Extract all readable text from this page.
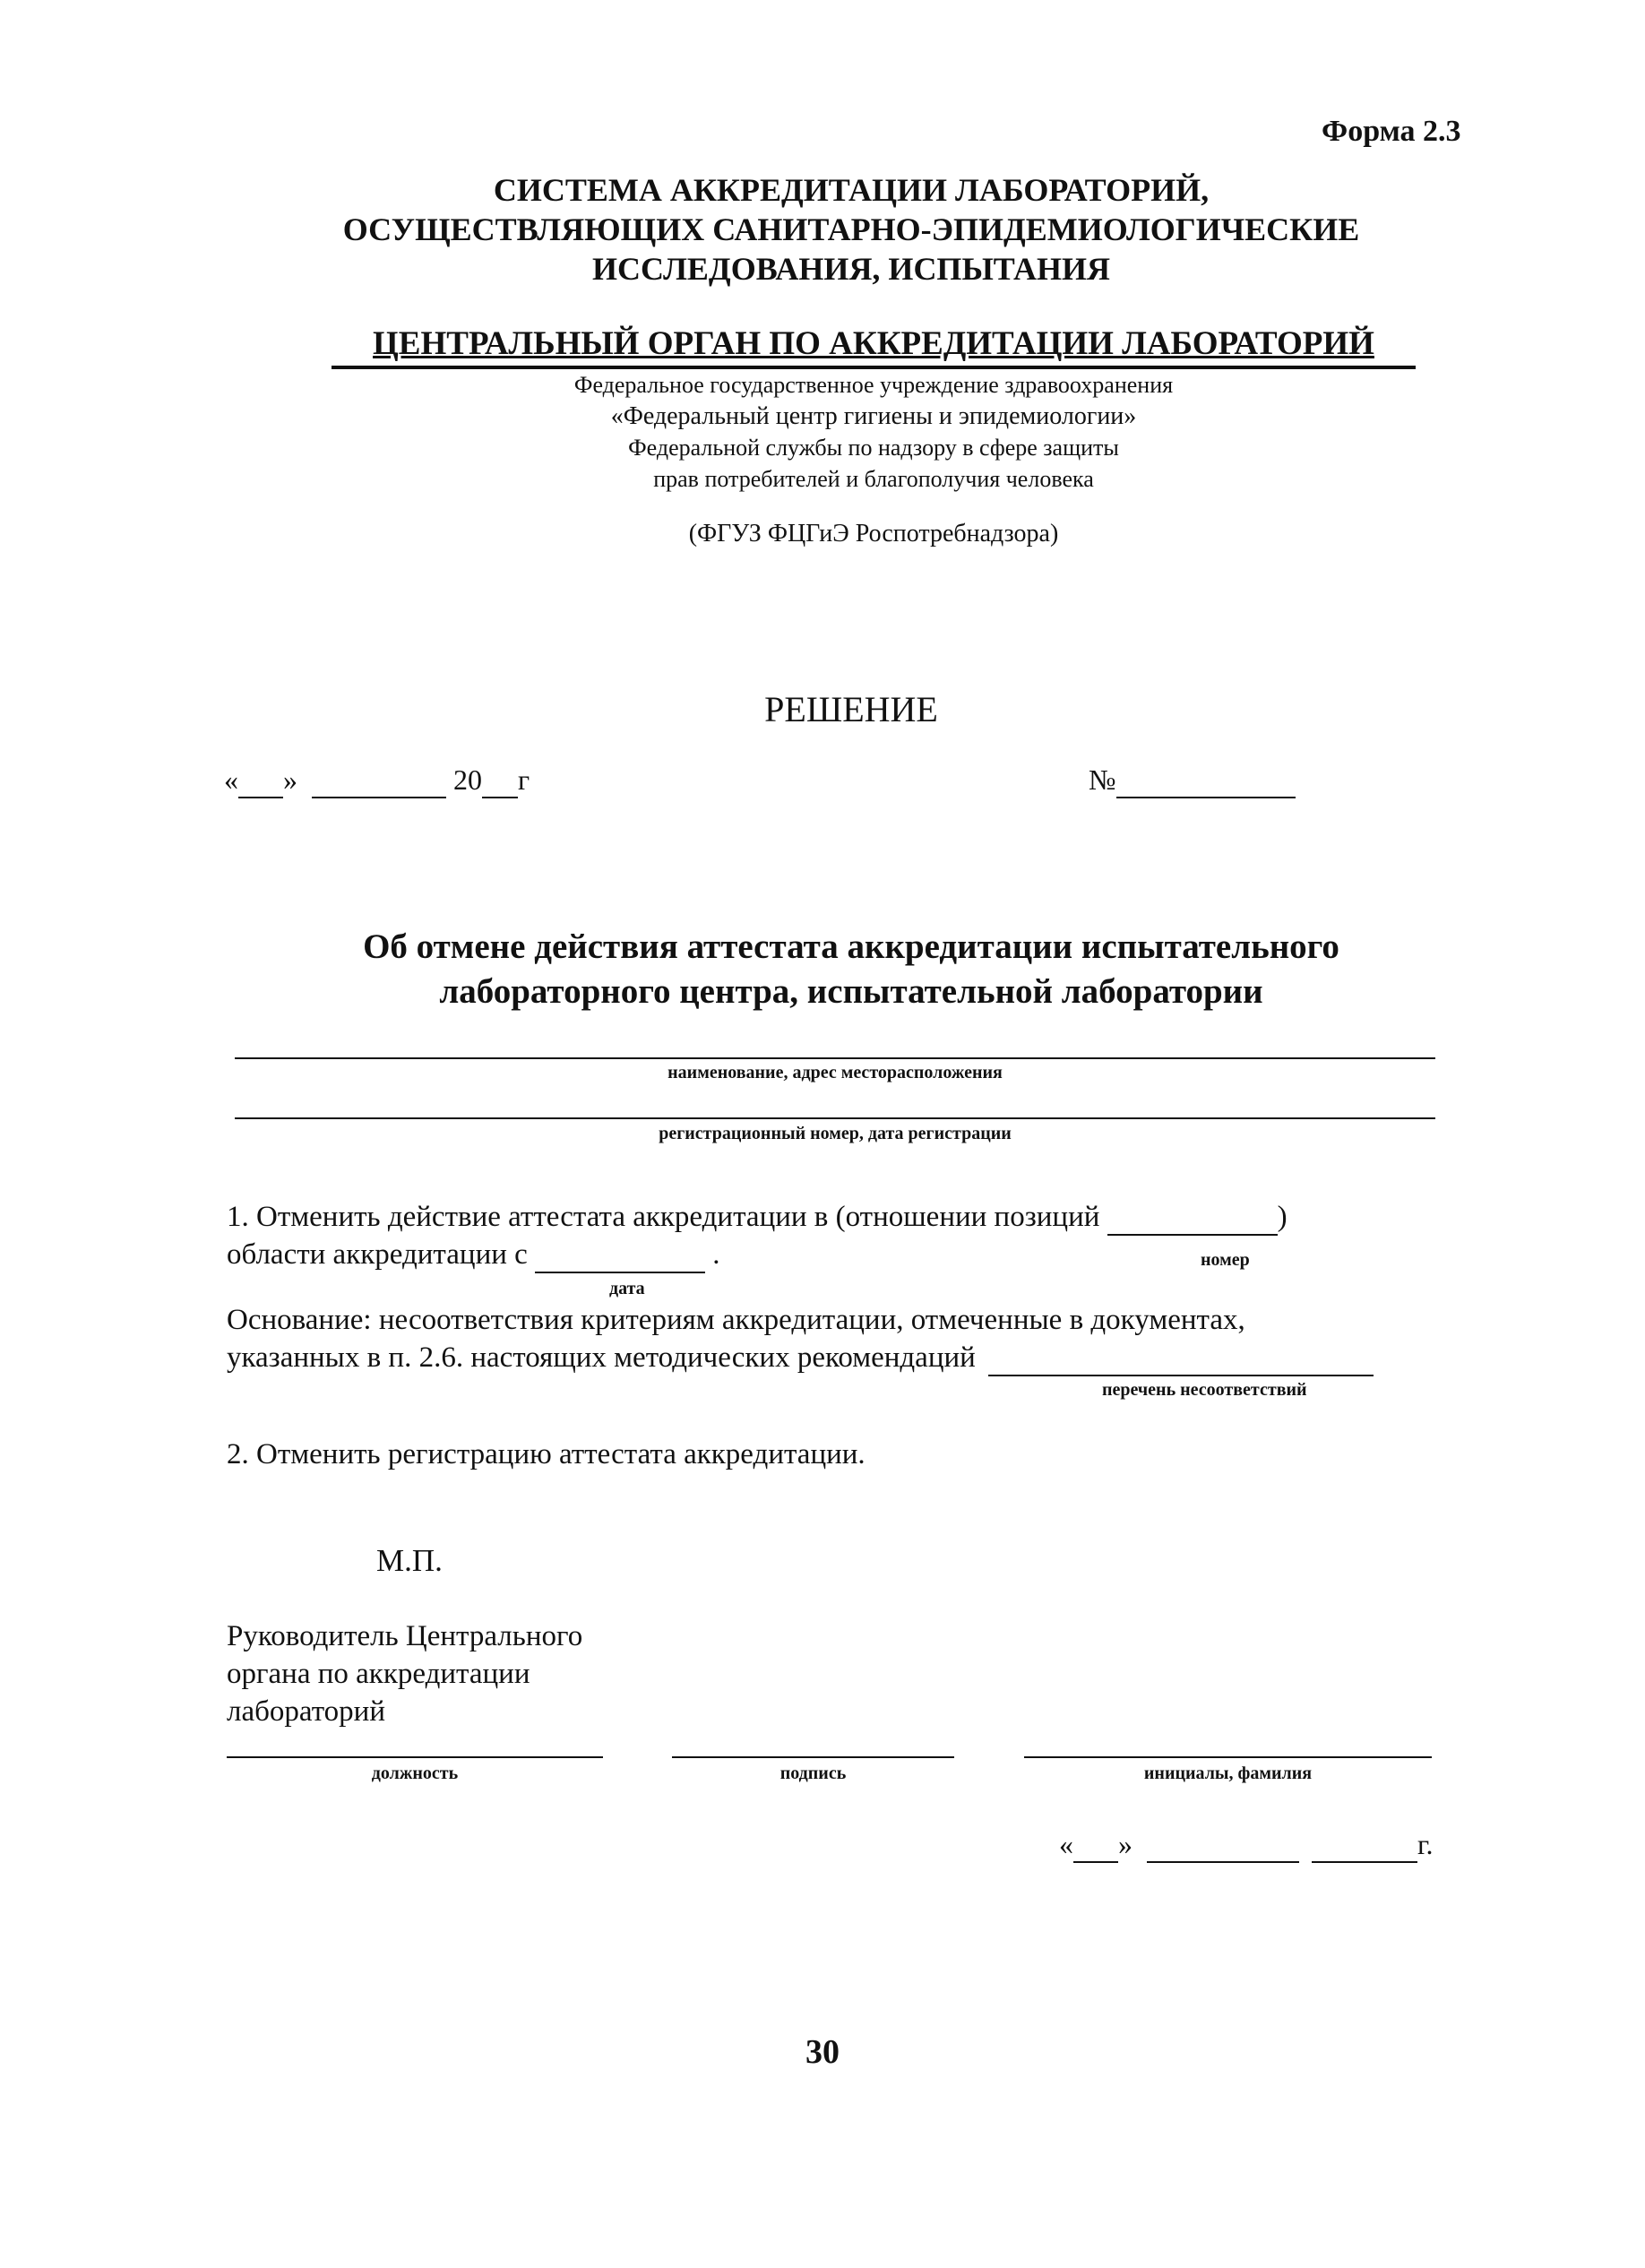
Форма 2.3
СИСТЕМА АККРЕДИТАЦИИ ЛАБОРАТОРИЙ,
ОСУЩЕСТВЛЯЮЩИХ САНИТАРНО-ЭПИДЕМИОЛОГИЧЕСКИЕ
ИССЛЕДОВАНИЯ, ИСПЫТАНИЯ
ЦЕНТРАЛЬНЫЙ ОРГАН ПО АККРЕДИТАЦИИ ЛАБОРАТОРИЙ
Федеральное государственное учреждение здравоохранения
«Федеральный центр гигиены и эпидемиологии»
Федеральной службы по надзору в сфере защиты
прав потребителей и благополучия человека
(ФГУЗ ФЦГиЭ Роспотребнадзора)
РЕШЕНИЕ
« »	20 г	№
Об отмене действия аттестата аккредитации испытательного
лабораторного центра, испытательной лаборатории
наименование, адрес месторасположения
регистрационный номер, дата регистрации
1. Отменить действие аттестата аккредитации в (отношении позиций	)
области аккредитации с	.	номер
дата
Основание: несоответствия критериям аккредитации, отмеченные в документах,
указанных в п. 2.6. настоящих методических рекомендаций
перечень несоответствий
2. Отменить регистрацию аттестата аккредитации.
М.П.
Руководитель Центрального
органа по аккредитации
лабораторий
должность	подпись	инициалы, фамилия
« »	г.
30
